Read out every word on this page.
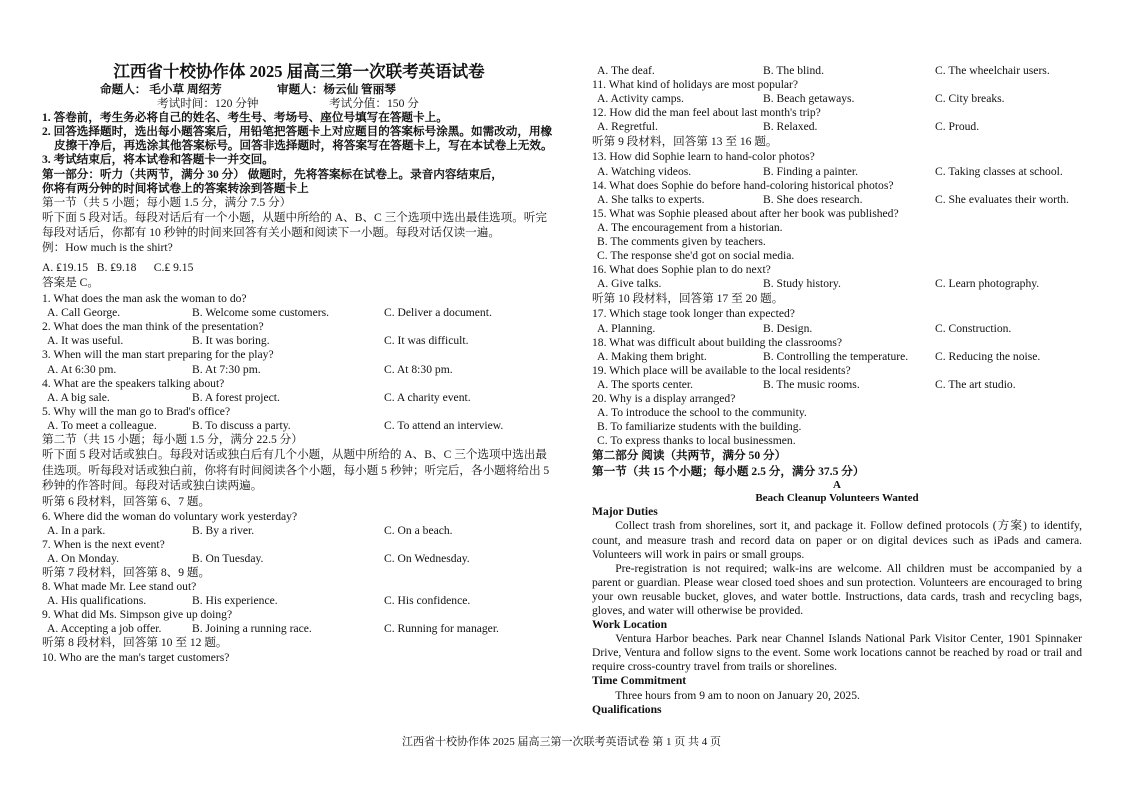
江西省十校协作体 2025 届高三第一次联考英语试卷
命题人： 毛小草 周绍芳	审题人：杨云仙 管丽琴
考试时间：120 分钟	考试分值：150 分
1. 答卷前，考生务必将自己的姓名、考生号、考场号、座位号填写在答题卡上。
2. 回答选择题时，选出每小题答案后，用铅笔把答题卡上对应题目的答案标号涂黑。如需改动，用橡皮擦干净后，再选涂其他答案标号。回答非选择题时，将答案写在答题卡上，写在本试卷上无效。
3. 考试结束后，将本试卷和答题卡一并交回。
第一部分：听力（共两节，满分 30 分） 做题时，先将答案标在试卷上。录音内容结束后，
你将有两分钟的时间将试卷上的答案转涂到答题卡上
第一节（共 5 小题；每小题 1.5 分，满分 7.5 分）
听下面 5 段对话。每段对话后有一个小题，从题中所给的 A、B、C 三个选项中选出最佳选项。听完每段对话后，你都有 10 秒钟的时间来回答有关小题和阅读下一小题。每段对话仅读一遍。
例：How much is the shirt?
A. ₤19.15 B. ₤9.18 C.₤ 9.15
答案是 C。
1. What does the man ask the woman to do?
A. Call George.	B. Welcome some customers.	C. Deliver a document.
2. What does the man think of the presentation?
A. It was useful.	B. It was boring.	C. It was difficult.
3. When will the man start preparing for the play?
A. At 6:30 pm.	B. At 7:30 pm.	C. At 8:30 pm.
4. What are the speakers talking about?
A. A big sale.	B. A forest project.	C. A charity event.
5. Why will the man go to Brad's office?
A. To meet a colleague.	B. To discuss a party.	C. To attend an interview.
第二节（共 15 小题；每小题 1.5 分，满分 22.5 分）
听下面 5 段对话或独白。每段对话或独白后有几个小题，从题中所给的 A、B、C 三个选项中选出最佳选项。听每段对话或独白前，你将有时间阅读各个小题，每小题 5 秒钟；听完后，各小题将给出 5 秒钟的作答时间。每段对话或独白读两遍。
听第 6 段材料，回答第 6、7 题。
6. Where did the woman do voluntary work yesterday?
A. In a park.	B. By a river.	C. On a beach.
7. When is the next event?
A. On Monday.	B. On Tuesday.	C. On Wednesday.
听第 7 段材料，回答第 8、9 题。
8. What made Mr. Lee stand out?
A. His qualifications.	B. His experience.	C. His confidence.
9. What did Ms. Simpson give up doing?
A. Accepting a job offer.	B. Joining a running race.	C. Running for manager.
听第 8 段材料，回答第 10 至 12 题。
10. Who are the man's target customers?
A. The deaf.	B. The blind.	C. The wheelchair users.
11. What kind of holidays are most popular?
A. Activity camps.	B. Beach getaways.	C. City breaks.
12. How did the man feel about last month's trip?
A. Regretful.	B. Relaxed.	C. Proud.
听第 9 段材料，回答第 13 至 16 题。
13. How did Sophie learn to hand-color photos?
A. Watching videos.	B. Finding a painter.	C. Taking classes at school.
14. What does Sophie do before hand-coloring historical photos?
A. She talks to experts.	B. She does research.	C. She evaluates their worth.
15. What was Sophie pleased about after her book was published?
A. The encouragement from a historian.
B. The comments given by teachers.
C. The response she'd got on social media.
16. What does Sophie plan to do next?
A. Give talks.	B. Study history.	C. Learn photography.
听第 10 段材料，回答第 17 至 20 题。
17. Which stage took longer than expected?
A. Planning.	B. Design.	C. Construction.
18. What was difficult about building the classrooms?
A. Making them bright.	B. Controlling the temperature.	C. Reducing the noise.
19. Which place will be available to the local residents?
A. The sports center.	B. The music rooms.	C. The art studio.
20. Why is a display arranged?
A. To introduce the school to the community.
B. To familiarize students with the building.
C. To express thanks to local businessmen.
第二部分 阅读（共两节，满分 50 分）
第一节（共 15 个小题；每小题 2.5 分，满分 37.5 分）
A
Beach Cleanup Volunteers Wanted
Major Duties
Collect trash from shorelines, sort it, and package it. Follow defined protocols (方案) to identify, count, and measure trash and record data on paper or on digital devices such as iPads and camera. Volunteers will work in pairs or small groups.
Pre-registration is not required; walk-ins are welcome. All children must be accompanied by a parent or guardian. Please wear closed toed shoes and sun protection. Volunteers are encouraged to bring your own reusable bucket, gloves, and water bottle. Instructions, data cards, trash and recycling bags, gloves, and water will otherwise be provided.
Work Location
Ventura Harbor beaches. Park near Channel Islands National Park Visitor Center, 1901 Spinnaker Drive, Ventura and follow signs to the event. Some work locations cannot be reached by road or trail and require cross-country travel from trails or shorelines.
Time Commitment
Three hours from 9 am to noon on January 20, 2025.
Qualifications
江西省十校协作体 2025 届高三第一次联考英语试卷 第 1 页 共 4 页
